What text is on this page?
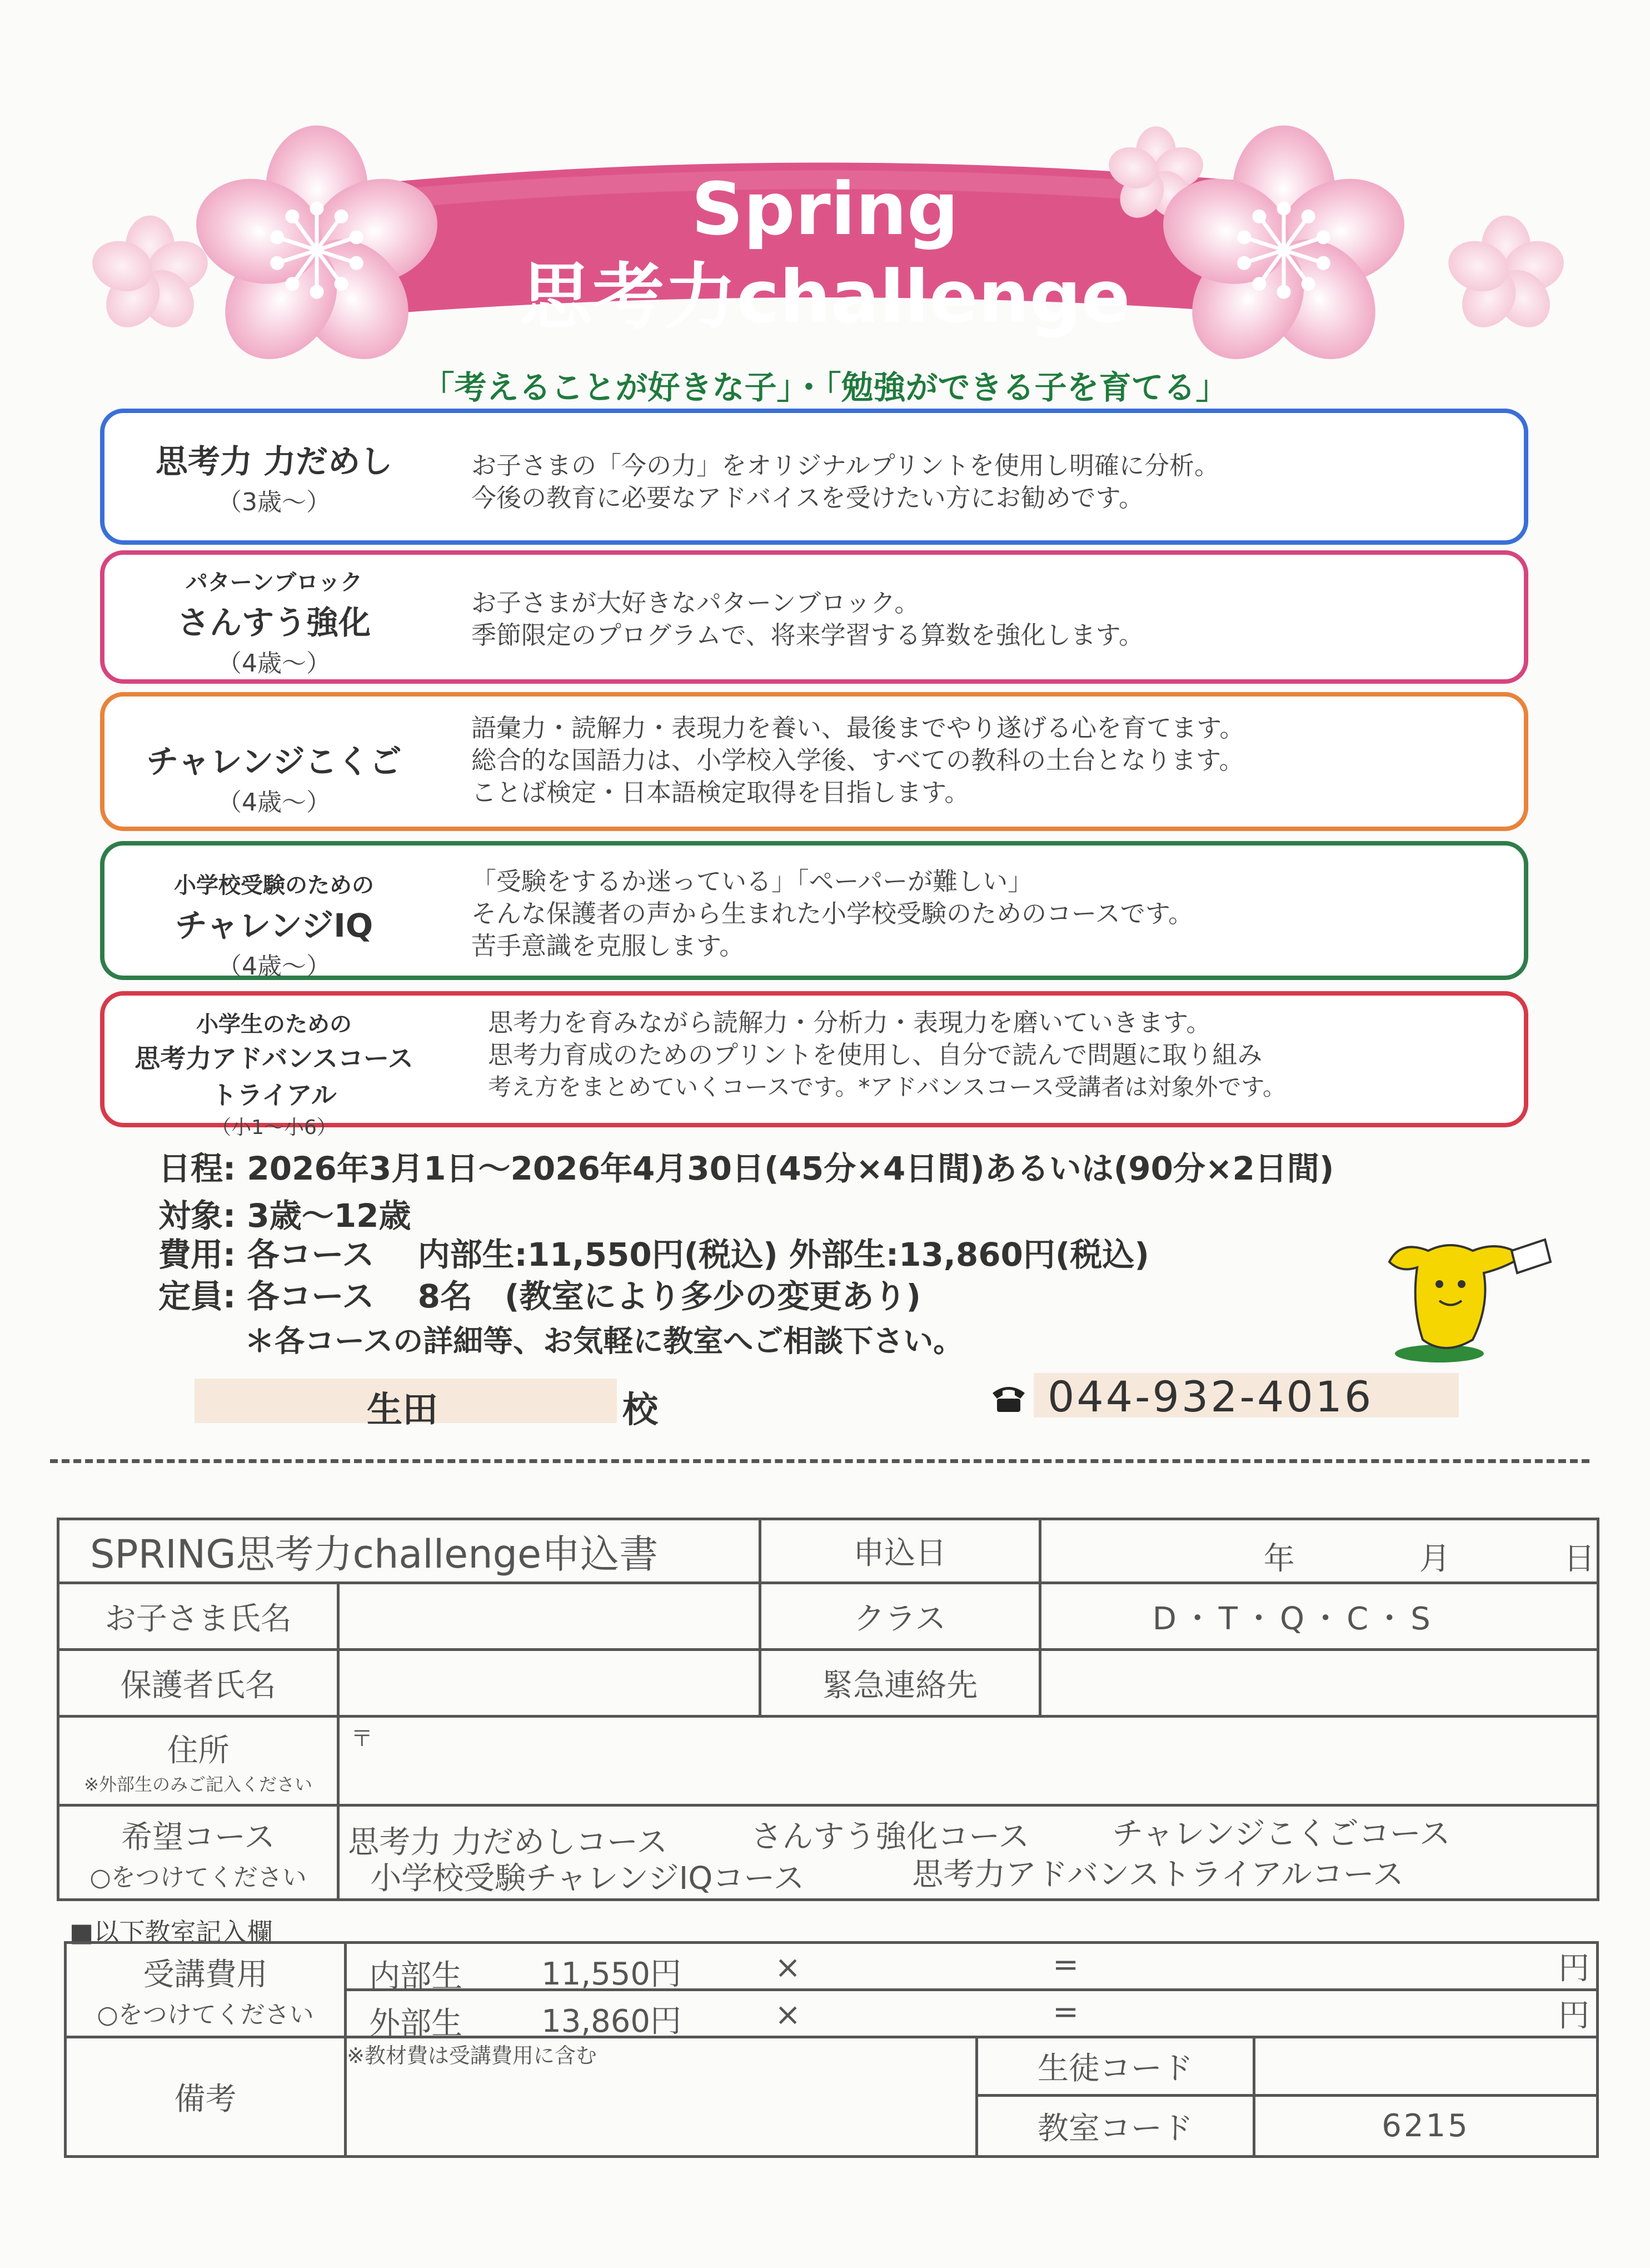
Spring
思考力challenge
「考えることが好きな子」・「勉強ができる子を育てる」
思考力 力だめし
（3歳～）
お子さまの「今の力」をオリジナルプリントを使用し明確に分析。
今後の教育に必要なアドバイスを受けたい方にお勧めです。
パターンブロック
さんすう強化
（4歳～）
お子さまが大好きなパターンブロック。
季節限定のプログラムで、将来学習する算数を強化します。
チャレンジこくご
（4歳～）
語彙力・読解力・表現力を養い、最後までやり遂げる心を育てます。
総合的な国語力は、小学校入学後、すべての教科の土台となります。
ことば検定・日本語検定取得を目指します。
小学校受験のための
チャレンジIQ
（4歳～）
「受験をするか迷っている」「ペーパーが難しい」
そんな保護者の声から生まれた小学校受験のためのコースです。
苦手意識を克服します。
小学生のための
思考力アドバンスコース
トライアル
（小1～小6）
思考力を育みながら読解力・分析力・表現力を磨いていきます。
思考力育成のためのプリントを使用し、自分で読んで問題に取り組み
考え方をまとめていくコースです。*アドバンスコース受講者は対象外です。
日程: 2026年3月1日～2026年4月30日(45分×4日間)あるいは(90分×2日間)
対象: 3歳～12歳
費用: 各コース　 内部生:11,550円(税込) 外部生:13,860円(税込)
定員: 各コース　 8名　(教室により多少の変更あり)
＊各コースの詳細等、お気軽に教室へご相談下さい。
生田	校	044-932-4016
SPRING思考力challenge申込書		申込日	年 月 日

お子さま氏名		クラス	D・T・Q・C・S
保護者氏名		緊急連絡先	
住所
※外部生のみご記入ください	〒		
希望コース
○をつけてください	思考力 力だめしコース さんすう強化コース チャレンジこくごコース
小学校受験チャレンジIQコース 思考力アドバンストライアルコース		
■以下教室記入欄
受講費用
○をつけてください	内部生 11,550円 × = 円		

	外部生 13,860円 × = 円		

備考	※教材費は受講費用に含む	生徒コード	
		教室コード	6215
